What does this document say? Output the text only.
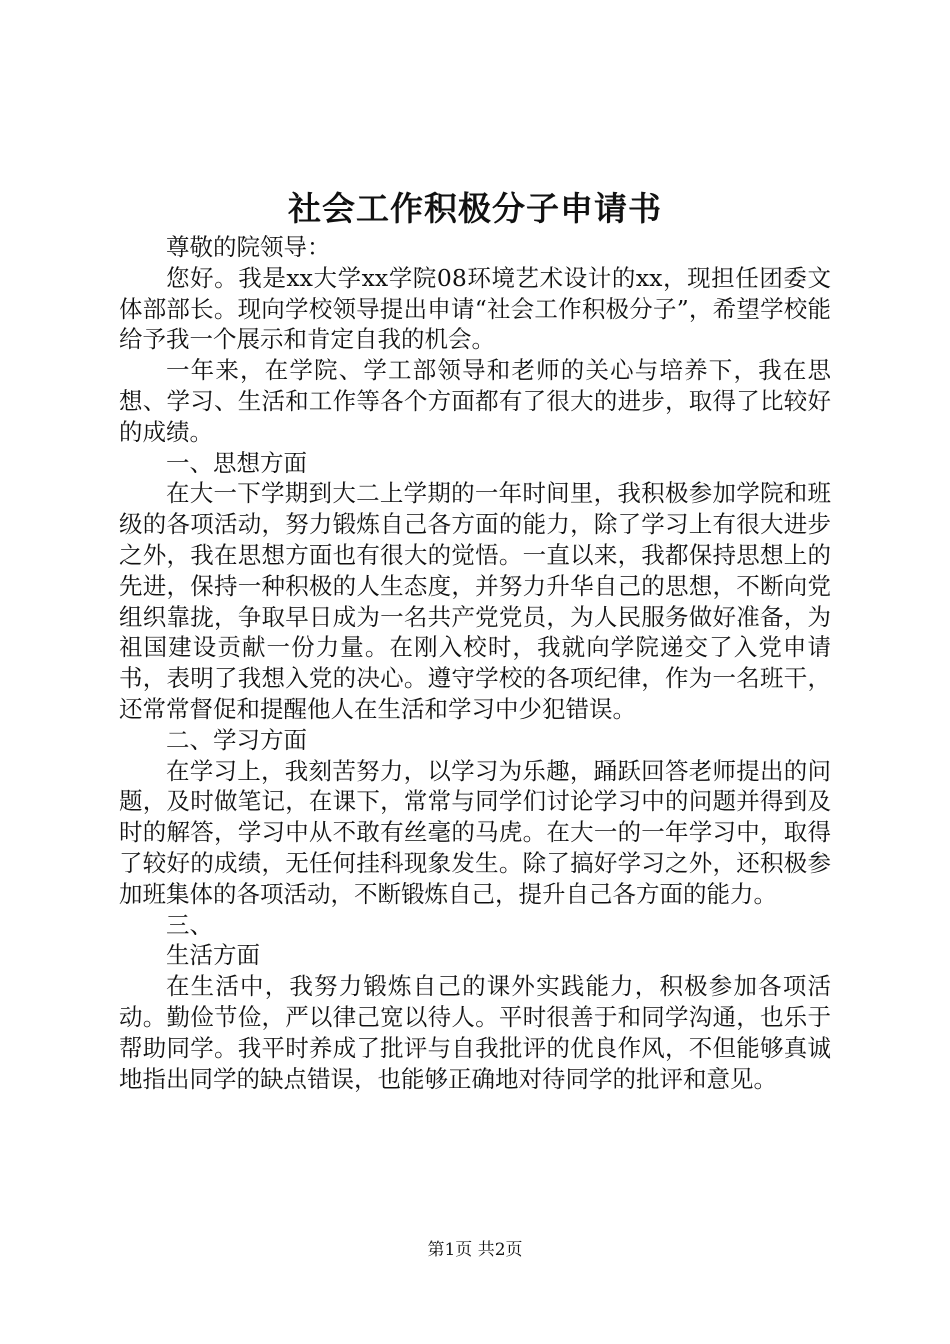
社会工作积极分子申请书

尊敬的院领导：

您好。我是xx大学xx学院08环境艺术设计的xx，现担任团委文体部部长。现向学校领导提出申请“社会工作积极分子”，希望学校能给予我一个展示和肯定自我的机会。

一年来，在学院、学工部领导和老师的关心与培养下，我在思想、学习、生活和工作等各个方面都有了很大的进步，取得了比较好的成绩。

一、思想方面

在大一下学期到大二上学期的一年时间里，我积极参加学院和班级的各项活动，努力锻炼自己各方面的能力，除了学习上有很大进步之外，我在思想方面也有很大的觉悟。一直以来，我都保持思想上的先进，保持一种积极的人生态度，并努力升华自己的思想，不断向党组织靠拢，争取早日成为一名共产党党员，为人民服务做好准备，为祖国建设贡献一份力量。在刚入校时，我就向学院递交了入党申请书，表明了我想入党的决心。遵守学校的各项纪律，作为一名班干，还常常督促和提醒他人在生活和学习中少犯错误。

二、学习方面

在学习上，我刻苦努力，以学习为乐趣，踊跃回答老师提出的问题，及时做笔记，在课下，常常与同学们讨论学习中的问题并得到及时的解答，学习中从不敢有丝毫的马虎。在大一的一年学习中，取得了较好的成绩，无任何挂科现象发生。除了搞好学习之外，还积极参加班集体的各项活动，不断锻炼自己，提升自己各方面的能力。

三、

生活方面

在生活中，我努力锻炼自己的课外实践能力，积极参加各项活动。勤俭节俭，严以律己宽以待人。平时很善于和同学沟通，也乐于帮助同学。我平时养成了批评与自我批评的优良作风，不但能够真诚地指出同学的缺点错误，也能够正确地对待同学的批评和意见。

第1页 共2页
